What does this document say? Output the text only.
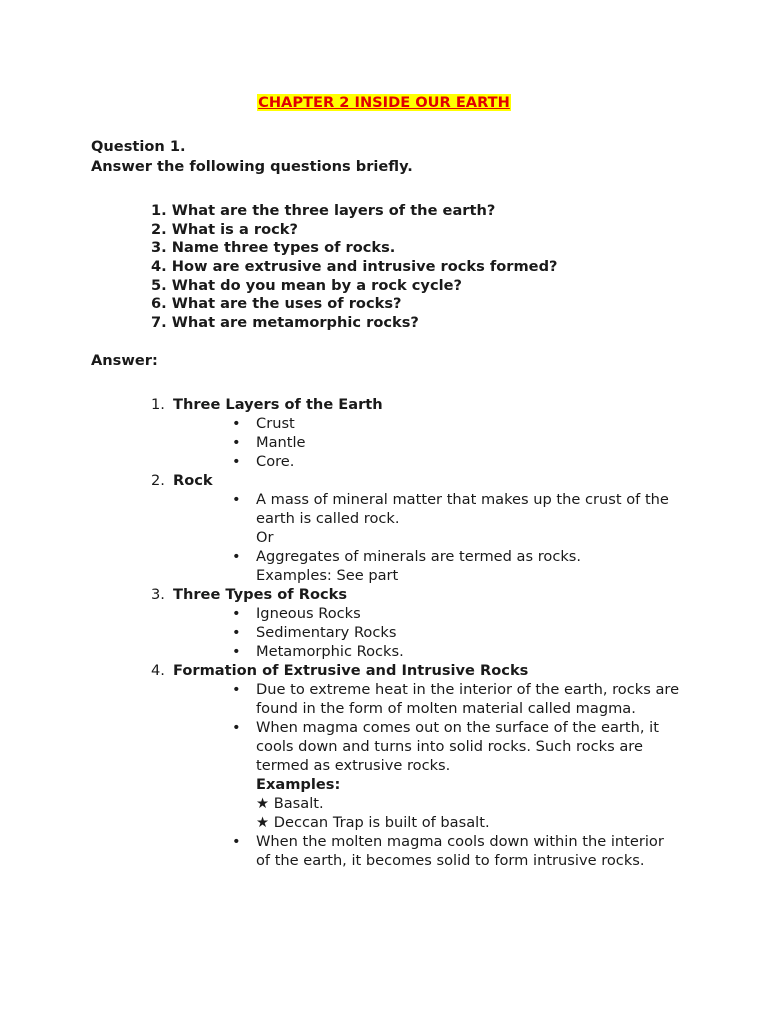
CHAPTER 2 INSIDE OUR EARTH
Question 1.
Answer the following questions briefly.
1. What are the three layers of the earth?
2. What is a rock?
3. Name three types of rocks.
4. How are extrusive and intrusive rocks formed?
5. What do you mean by a rock cycle?
6. What are the uses of rocks?
7. What are metamorphic rocks?
Answer:
1. Three Layers of the Earth
• Crust
• Mantle
• Core.
2. Rock
• A mass of mineral matter that makes up the crust of the earth is called rock.
Or
• Aggregates of minerals are termed as rocks.
Examples: See part
3. Three Types of Rocks
• Igneous Rocks
• Sedimentary Rocks
• Metamorphic Rocks.
4. Formation of Extrusive and Intrusive Rocks
• Due to extreme heat in the interior of the earth, rocks are found in the form of molten material called magma.
• When magma comes out on the surface of the earth, it cools down and turns into solid rocks. Such rocks are termed as extrusive rocks.
Examples:
★ Basalt.
★ Deccan Trap is built of basalt.
• When the molten magma cools down within the interior of the earth, it becomes solid to form intrusive rocks.
